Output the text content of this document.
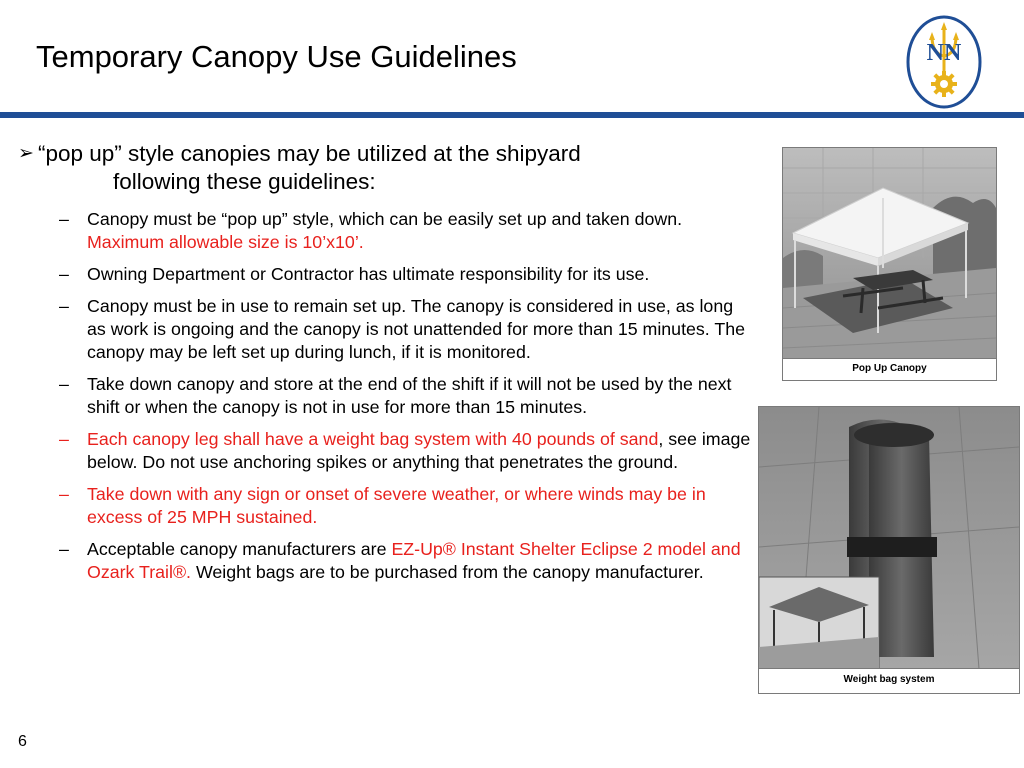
Temporary Canopy Use Guidelines	NN
➢ “pop up” style canopies may be utilized at the shipyard
following these guidelines:
– Canopy must be “pop up” style, which can be easily set up and taken down. Maximum allowable size is 10’x10’.
– Owning Department or Contractor has ultimate responsibility for its use.
– Canopy must be in use to remain set up. The canopy is considered in use, as long as work is ongoing and the canopy is not unattended for more than 15 minutes. The canopy may be left set up during lunch, if it is monitored.
– Take down canopy and store at the end of the shift if it will not be used by the next shift or when the canopy is not in use for more than 15 minutes.
– Each canopy leg shall have a weight bag system with 40 pounds of sand, see image below. Do not use anchoring spikes or anything that penetrates the ground.
– Take down with any sign or onset of severe weather, or where winds may be in excess of 25 MPH sustained.
– Acceptable canopy manufacturers are EZ-Up® Instant Shelter Eclipse 2 model and Ozark Trail®. Weight bags are to be purchased from the canopy manufacturer.
Pop Up Canopy
Weight bag system
6
